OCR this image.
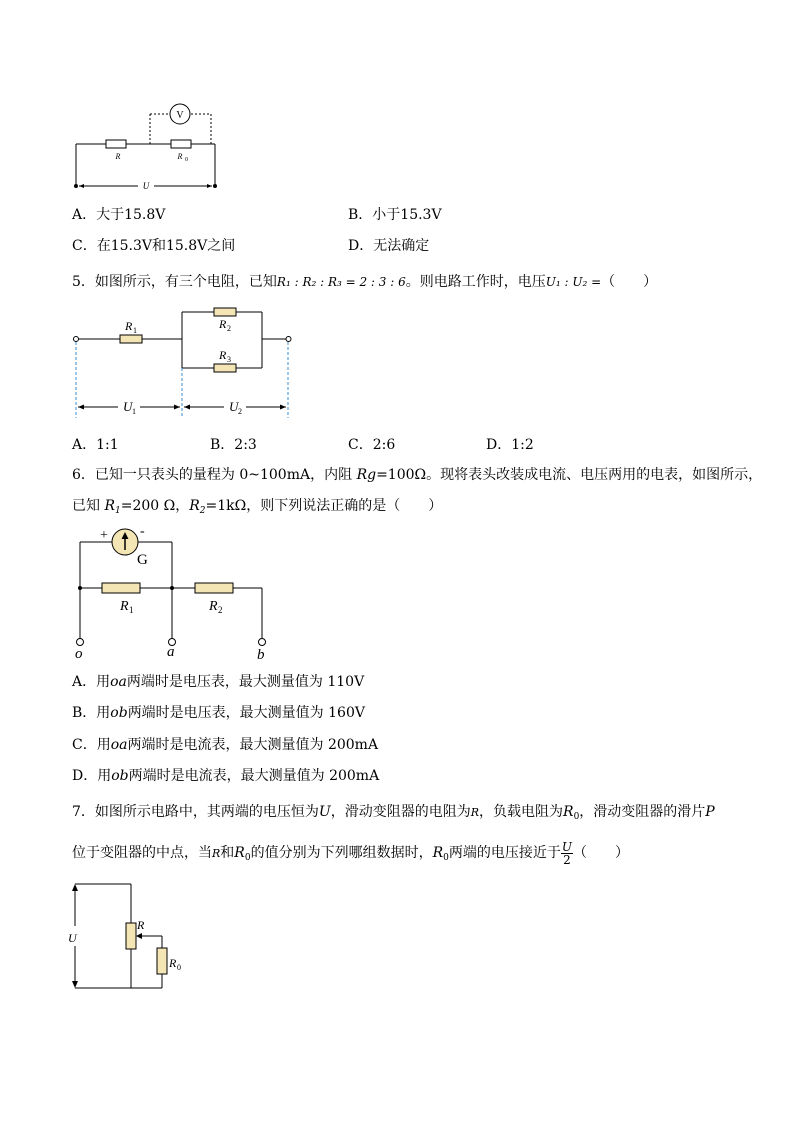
V
R	R 0
U
A．大于15.8V	B．小于15.3V
C．在15.3V和15.8V之间	D．无法确定
5．如图所示，有三个电阻，已知R₁ : R₂ : R₃ = 2 : 3 : 6。则电路工作时，电压U₁ : U₂ =（　　）
R 1	R 2
R 3
U 1	U 2
A．1:1	B．2:3	C．2:6	D．1:2
6．已知一只表头的量程为 0~100mA，内阻 Rg=100Ω。现将表头改装成电流、电压两用的电表，如图所示，
已知 $R_1=200$ Ω，$R_2=1k\Omega$，则下列说法正确的是（　　）
+ -
G
R 1	R 2
o	a	b
A．用oa两端时是电压表，最大测量值为 110V
B．用ob两端时是电压表，最大测量值为 160V
C．用oa两端时是电流表，最大测量值为 200mA
D．用ob两端时是电流表，最大测量值为 200mA
7．如图所示电路中，其两端的电压恒为U，滑动变阻器的电阻为R，负载电阻为$R_0$，滑动变阻器的滑片P
位于变阻器的中点，当R和$R_0$的值分别为下列哪组数据时，$R_0$两端的电压接近于 $\frac{U}{2}$ （　　）
U
R
R 0
